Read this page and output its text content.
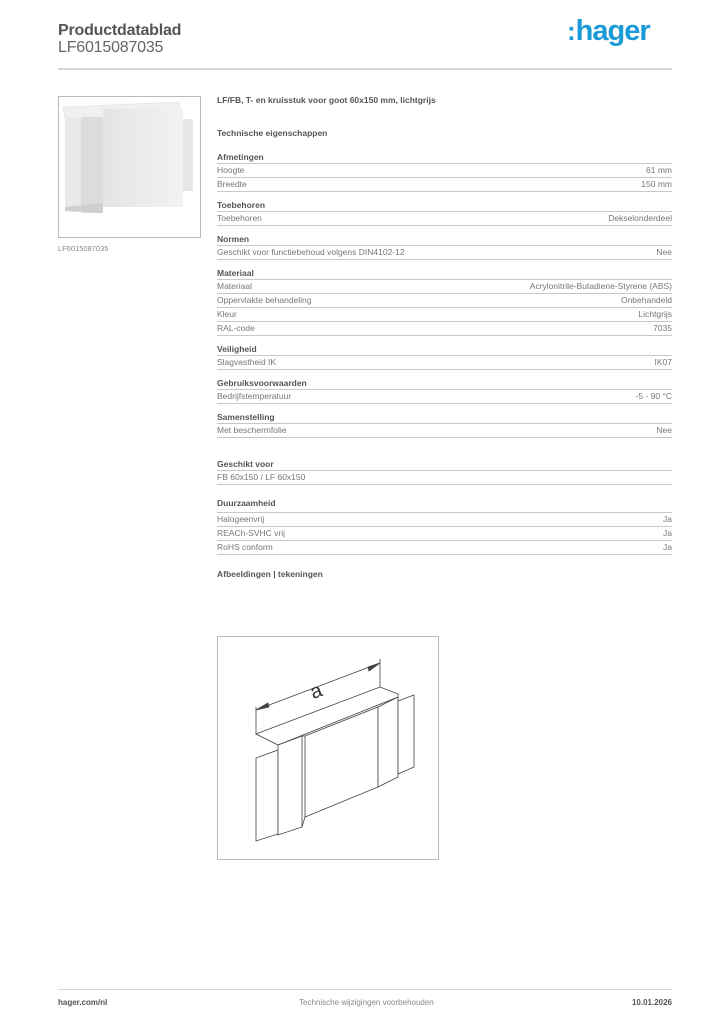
Productdatablad
LF6015087035
:hager
LF6015087035
LF/FB, T- en kruisstuk voor goot 60x150 mm, lichtgrijs
Technische eigenschappen
Afmetingen
Hoogte	61 mm
Breedte	150 mm
Toebehoren
Toebehoren	Dekselonderdeel
Normen
Geschikt voor functiebehoud volgens DIN4102-12	Nee
Materiaal
Materiaal	Acrylonitrile-Butadiene-Styrene (ABS)
Oppervlakte behandeling	Onbehandeld
Kleur	Lichtgrijs
RAL-code	7035
Veiligheid
Slagvastheid IK	IK07
Gebruiksvoorwaarden
Bedrijfstemperatuur	-5 - 90 °C
Samenstelling
Met beschermfolie	Nee
Geschikt voor
FB 60x150 / LF 60x150
Duurzaamheid
Halogeenvrij	Ja
REACh-SVHC vrij	Ja
RoHS conform	Ja
Afbeeldingen | tekeningen
a
hager.com/nl	Technische wijzigingen voorbehouden	10.01.2026
